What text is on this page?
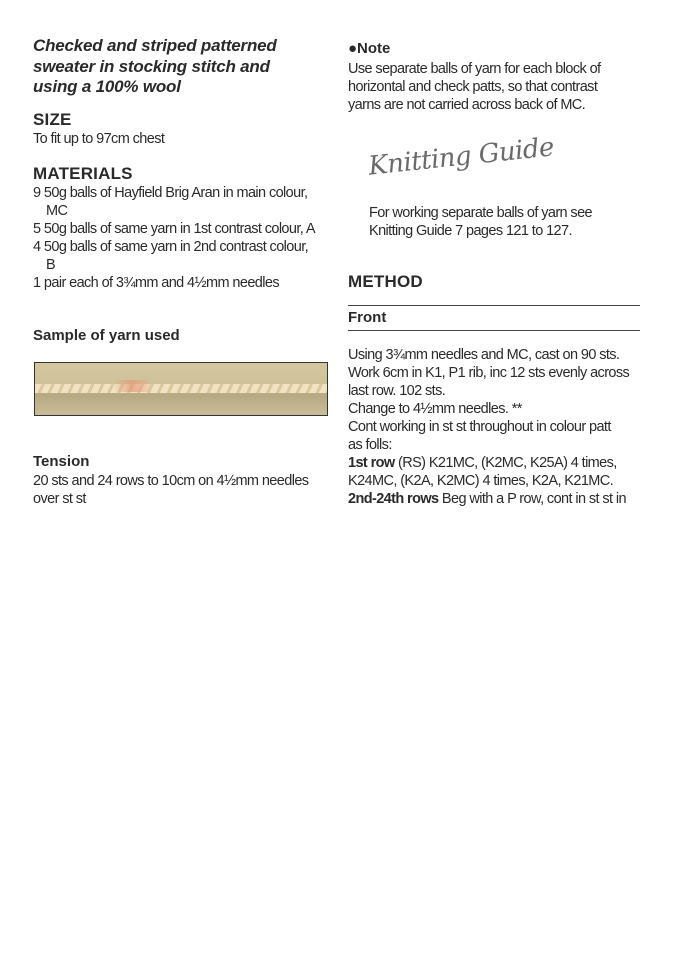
Checked and striped patterned
sweater in stocking stitch and
using a 100% wool
SIZE
To fit up to 97cm chest
MATERIALS
9 50g balls of Hayfield Brig Aran in main colour,
MC
5 50g balls of same yarn in 1st contrast colour, A
4 50g balls of same yarn in 2nd contrast colour,
B
1 pair each of 3¾mm and 4½mm needles
Sample of yarn used
Tension
20 sts and 24 rows to 10cm on 4½mm needles
over st st
●Note
Use separate balls of yarn for each block of
horizontal and check patts, so that contrast
yarns are not carried across back of MC.
Knitting Guide
For working separate balls of yarn see
Knitting Guide 7 pages 121 to 127.
METHOD
Front
Using 3¾mm needles and MC, cast on 90 sts.
Work 6cm in K1, P1 rib, inc 12 sts evenly across
last row. 102 sts.
Change to 4½mm needles. **
Cont working in st st throughout in colour patt
as folls:
1st row (RS) K21MC, (K2MC, K25A) 4 times,
K24MC, (K2A, K2MC) 4 times, K2A, K21MC.
2nd-24th rows Beg with a P row, cont in st st in
